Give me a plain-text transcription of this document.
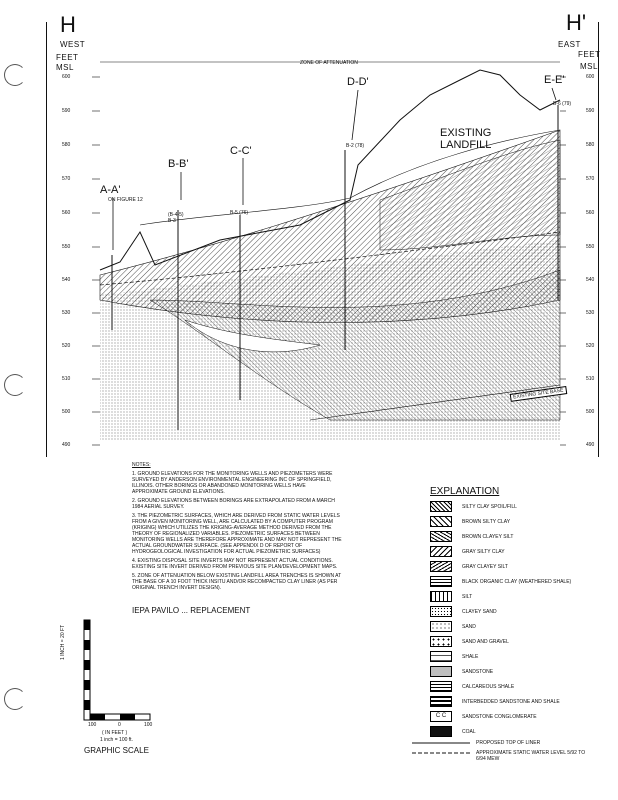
H	H'
WEST	EAST
FEET
MSL
FEET
MSL
ZONE OF ATTENUATION
600
590
580
570
560
550
540
530
520
510
500
490
600
590
580
570
560
550
540
530
520
510
500
490
A-A'
B-B'
C-C'
D-D'	E-E'
ON FIGURE 12
B-5 (76)
B-2 (78)
B-6 (79)
(B-4-5)
B-3
EXISTING
LANDFILL
EXISTING SITE BASE

NOTES:

1. GROUND ELEVATIONS FOR THE MONITORING WELLS AND PIEZOMETERS WERE SURVEYED BY ANDERSON ENVIRONMENTAL ENGINEERING INC OF SPRINGFIELD, ILLINOIS. OTHER BORINGS OR ABANDONED MONITORING WELLS HAVE APPROXIMATE GROUND ELEVATIONS.

2. GROUND ELEVATIONS BETWEEN BORINGS ARE EXTRAPOLATED FROM A MARCH 1984 AERIAL SURVEY.

3. THE PIEZOMETRIC SURFACES, WHICH ARE DERIVED FROM STATIC WATER LEVELS FROM A GIVEN MONITORING WELL, ARE CALCULATED BY A COMPUTER PROGRAM (KRIGING) WHICH UTILIZES THE KRIGING-AVERAGE METHOD DERIVED FROM THE THEORY OF REGIONALIZED VARIABLES. PIEZOMETRIC SURFACES BETWEEN MONITORING WELLS ARE THEREFORE APPROXIMATE AND MAY NOT REPRESENT THE ACTUAL GROUNDWATER SURFACE. (SEE APPENDIX D OF REPORT OF HYDROGEOLOGICAL INVESTIGATION FOR ACTUAL PIEZOMETRIC SURFACES)

4. EXISTING DISPOSAL SITE INVERTS MAY NOT REPRESENT ACTUAL CONDITIONS. EXISTING SITE INVERT DERIVED FROM PREVIOUS SITE PLAN/DEVELOPMENT MAPS.

5. ZONE OF ATTENUATION BELOW EXISTING LANDFILL AREA TRENCHES IS SHOWN AT THE BASE OF A 10 FOOT THICK INSITU AND/OR RECOMPACTED CLAY LINER (AS PER ORIGINAL TRENCH INVERT DESIGN).

IEPA PAVILO ... REPLACEMENT
EXPLANATION
SILTY CLAY SPOIL/FILL
BROWN SILTY CLAY
BROWN CLAYEY SILT
GRAY SILTY CLAY
GRAY CLAYEY SILT
BLACK ORGANIC CLAY (WEATHERED SHALE)
SILT
CLAYEY SAND
SAND
SAND AND GRAVEL
SHALE
SANDSTONE
CALCAREOUS SHALE
INTERBEDDED SANDSTONE AND SHALE
C C	SANDSTONE CONGLOMERATE
COAL
PROPOSED TOP OF LINER
APPROXIMATE STATIC WATER LEVEL 5/92 TO 6/94 MEW
1 INCH = 20 FT
100	0	100
( IN FEET )
1 inch = 100 ft.
GRAPHIC SCALE
